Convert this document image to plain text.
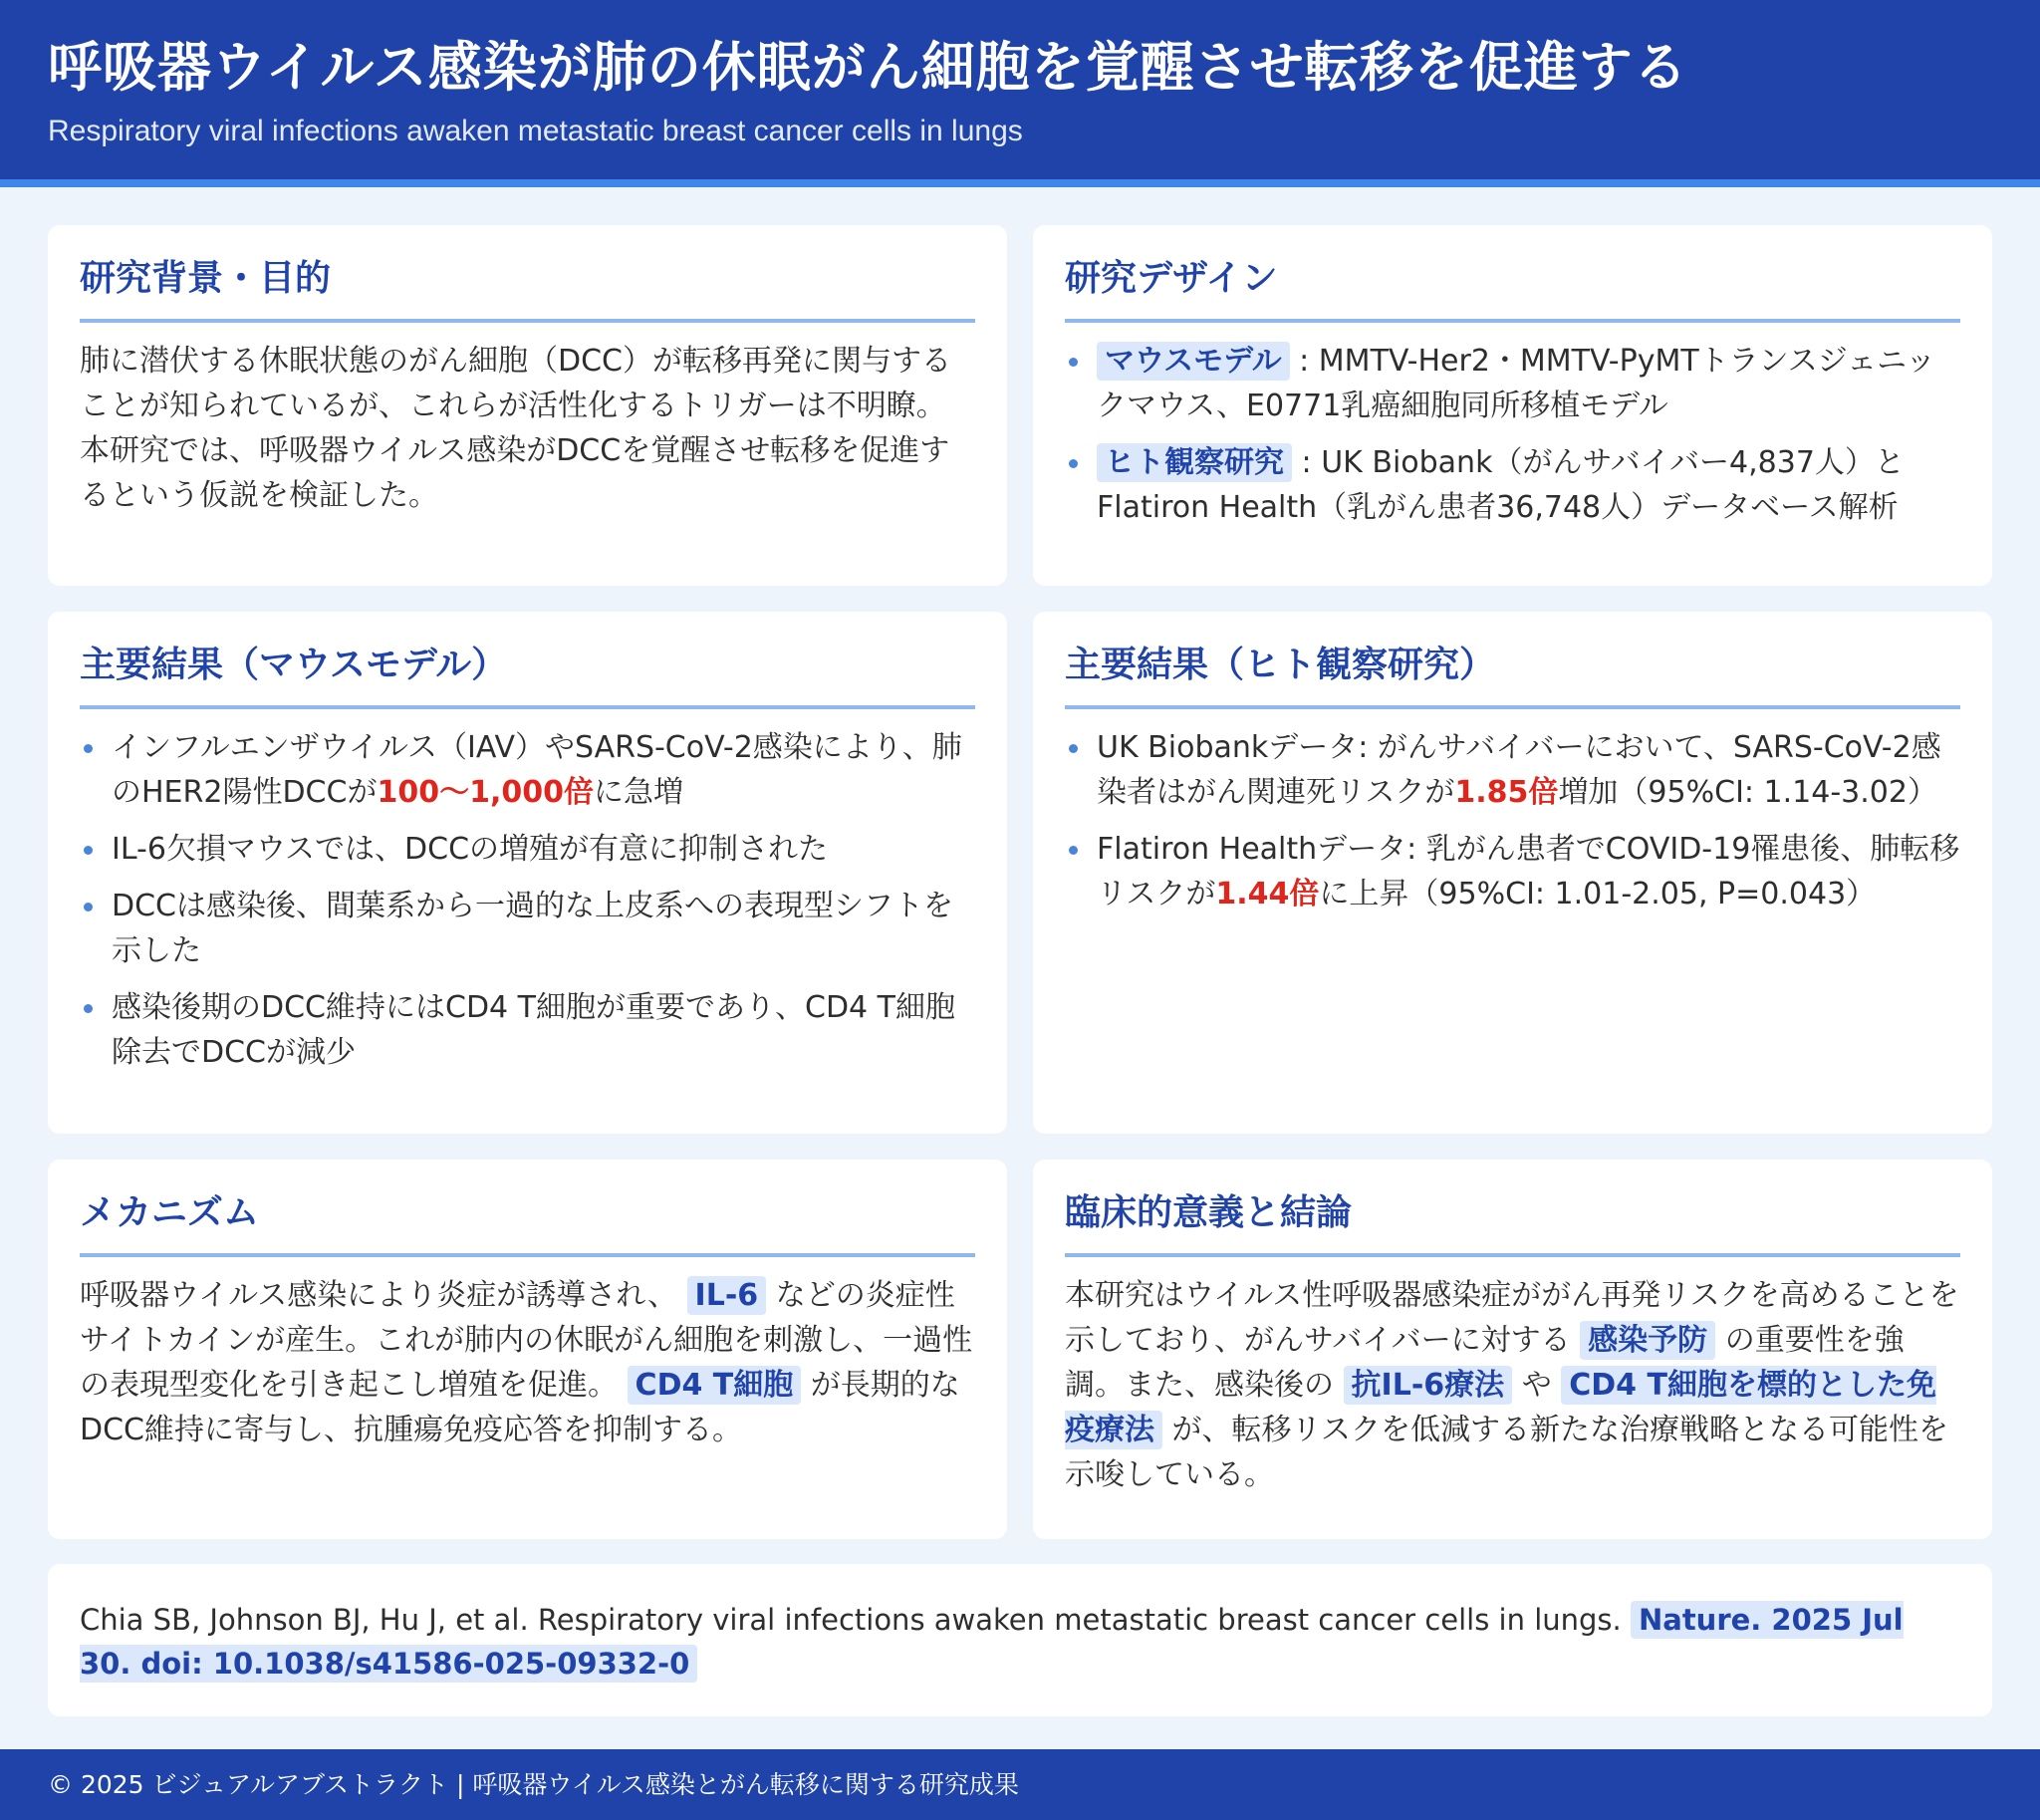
呼吸器ウイルス感染が肺の休眠がん細胞を覚醒させ転移を促進する
Respiratory viral infections awaken metastatic breast cancer cells in lungs
研究背景・目的

肺に潜伏する休眠状態のがん細胞（DCC）が転移再発に関与することが知られているが、これらが活性化するトリガーは不明瞭。本研究では、呼吸器ウイルス感染がDCCを覚醒させ転移を促進するという仮説を検証した。

研究デザイン
マウスモデル : MMTV-Her2・MMTV-PyMTトランスジェニックマウス、E0771乳癌細胞同所移植モデル
ヒト観察研究 : UK Biobank（がんサバイバー4,837人）とFlatiron Health（乳がん患者36,748人）データベース解析
主要結果（マウスモデル）
インフルエンザウイルス（IAV）やSARS-CoV-2感染により、肺のHER2陽性DCCが100〜1,000倍に急増
IL-6欠損マウスでは、DCCの増殖が有意に抑制された
DCCは感染後、間葉系から一過的な上皮系への表現型シフトを示した
感染後期のDCC維持にはCD4 T細胞が重要であり、CD4 T細胞除去でDCCが減少
主要結果（ヒト観察研究）
UK Biobankデータ: がんサバイバーにおいて、SARS-CoV-2感染者はがん関連死リスクが1.85倍増加（95%CI: 1.14-3.02）
Flatiron Healthデータ: 乳がん患者でCOVID-19罹患後、肺転移リスクが1.44倍に上昇（95%CI: 1.01-2.05, P=0.043）
メカニズム

呼吸器ウイルス感染により炎症が誘導され、 IL-6 などの炎症性サイトカインが産生。これが肺内の休眠がん細胞を刺激し、一過性の表現型変化を引き起こし増殖を促進。 CD4 T細胞 が長期的なDCC維持に寄与し、抗腫瘍免疫応答を抑制する。

臨床的意義と結論

本研究はウイルス性呼吸器感染症ががん再発リスクを高めることを示しており、がんサバイバーに対する 感染予防 の重要性を強調。また、感染後の 抗IL-6療法 や CD4 T細胞を標的とした免疫療法 が、転移リスクを低減する新たな治療戦略となる可能性を示唆している。

Chia SB, Johnson BJ, Hu J, et al. Respiratory viral infections awaken metastatic breast cancer cells in lungs. Nature. 2025 Jul 30. doi: 10.1038/s41586-025-09332-0

© 2025 ビジュアルアブストラクト | 呼吸器ウイルス感染とがん転移に関する研究成果
